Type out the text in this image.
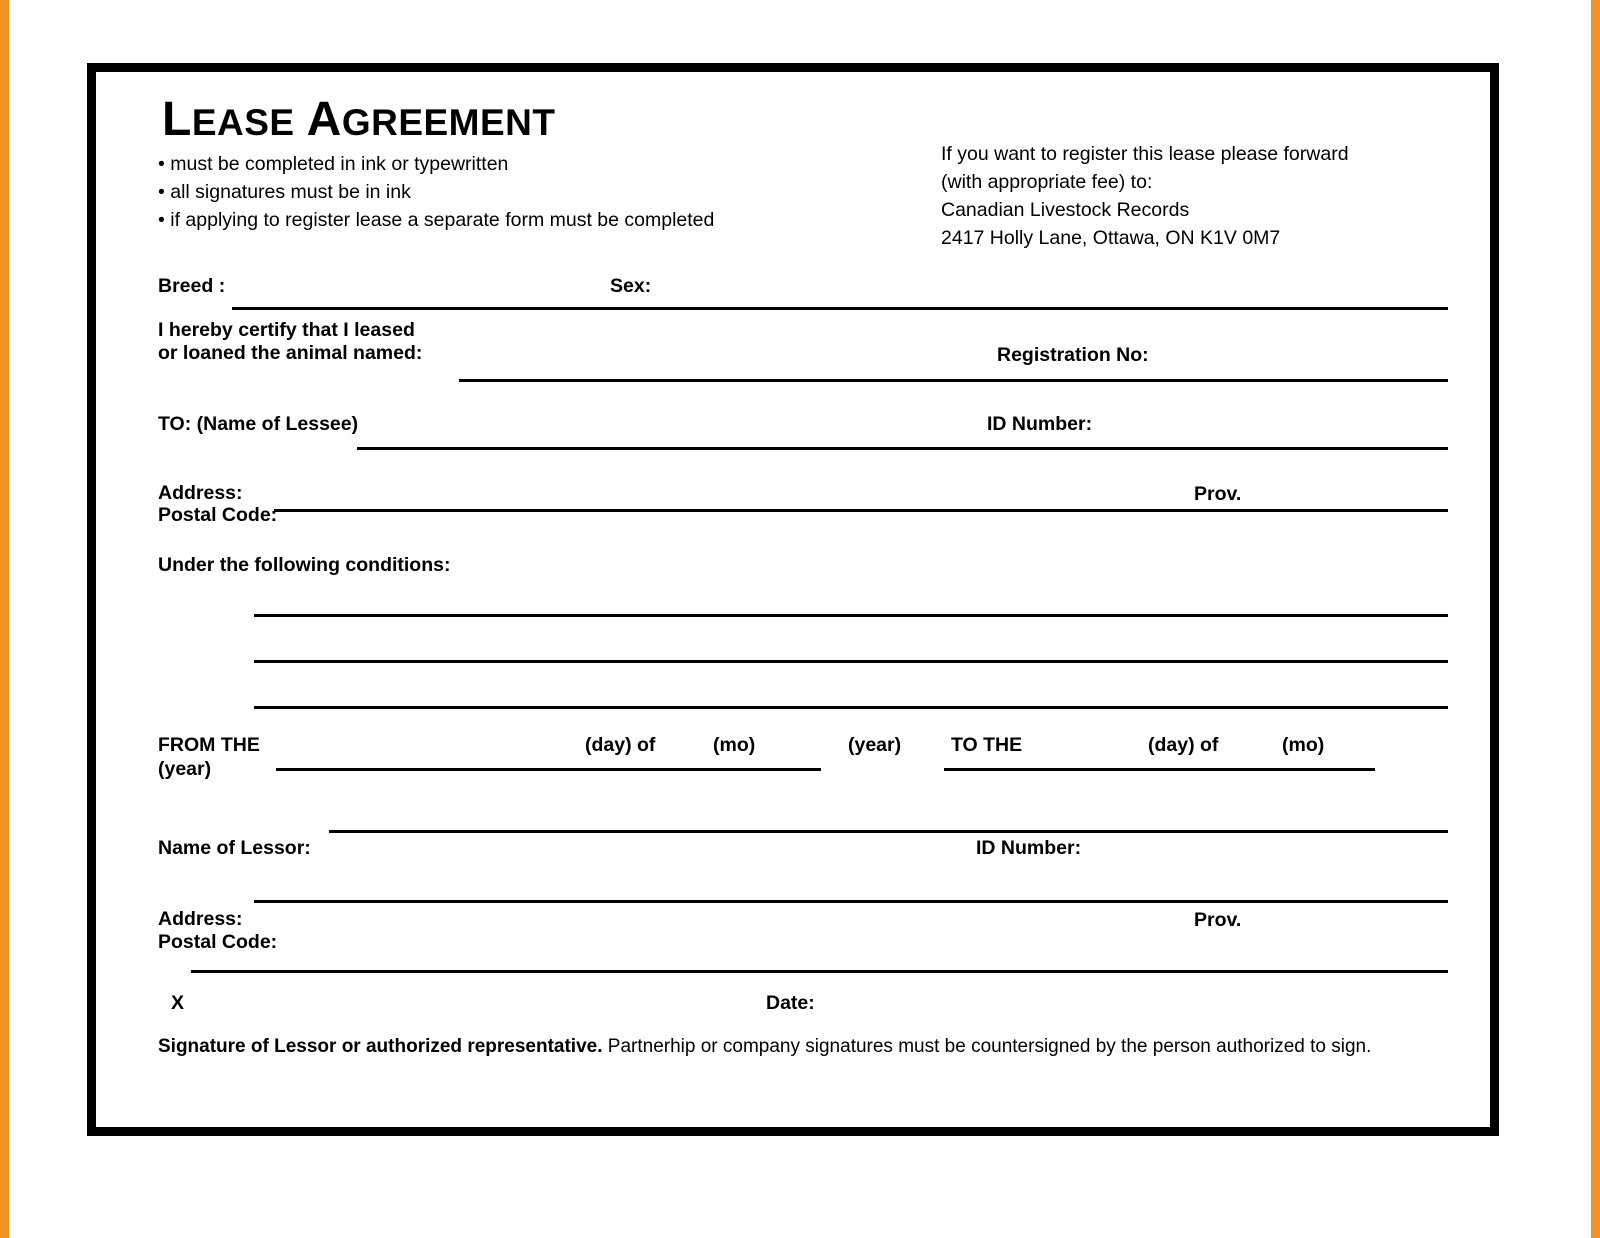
LEASE AGREEMENT
• must be completed in ink or typewritten
• all signatures must be in ink
• if applying to register lease a separate form must be completed
If you want to register this lease please forward
(with appropriate fee) to:
Canadian Livestock Records
2417 Holly Lane, Ottawa, ON K1V 0M7
Breed :	Sex:
I hereby certify that I leased
or loaned the animal named:	Registration No:
TO: (Name of Lessee)	ID Number:
Address:	Prov.
Postal Code:
Under the following conditions:
FROM THE	(day) of	(mo)	(year)	TO THE	(day) of	(mo)
(year)
Name of Lessor:	ID Number:
Address:	Prov.
Postal Code:
X	Date:
Signature of Lessor or authorized representative. Partnerhip or company signatures must be countersigned by the person authorized to sign.
